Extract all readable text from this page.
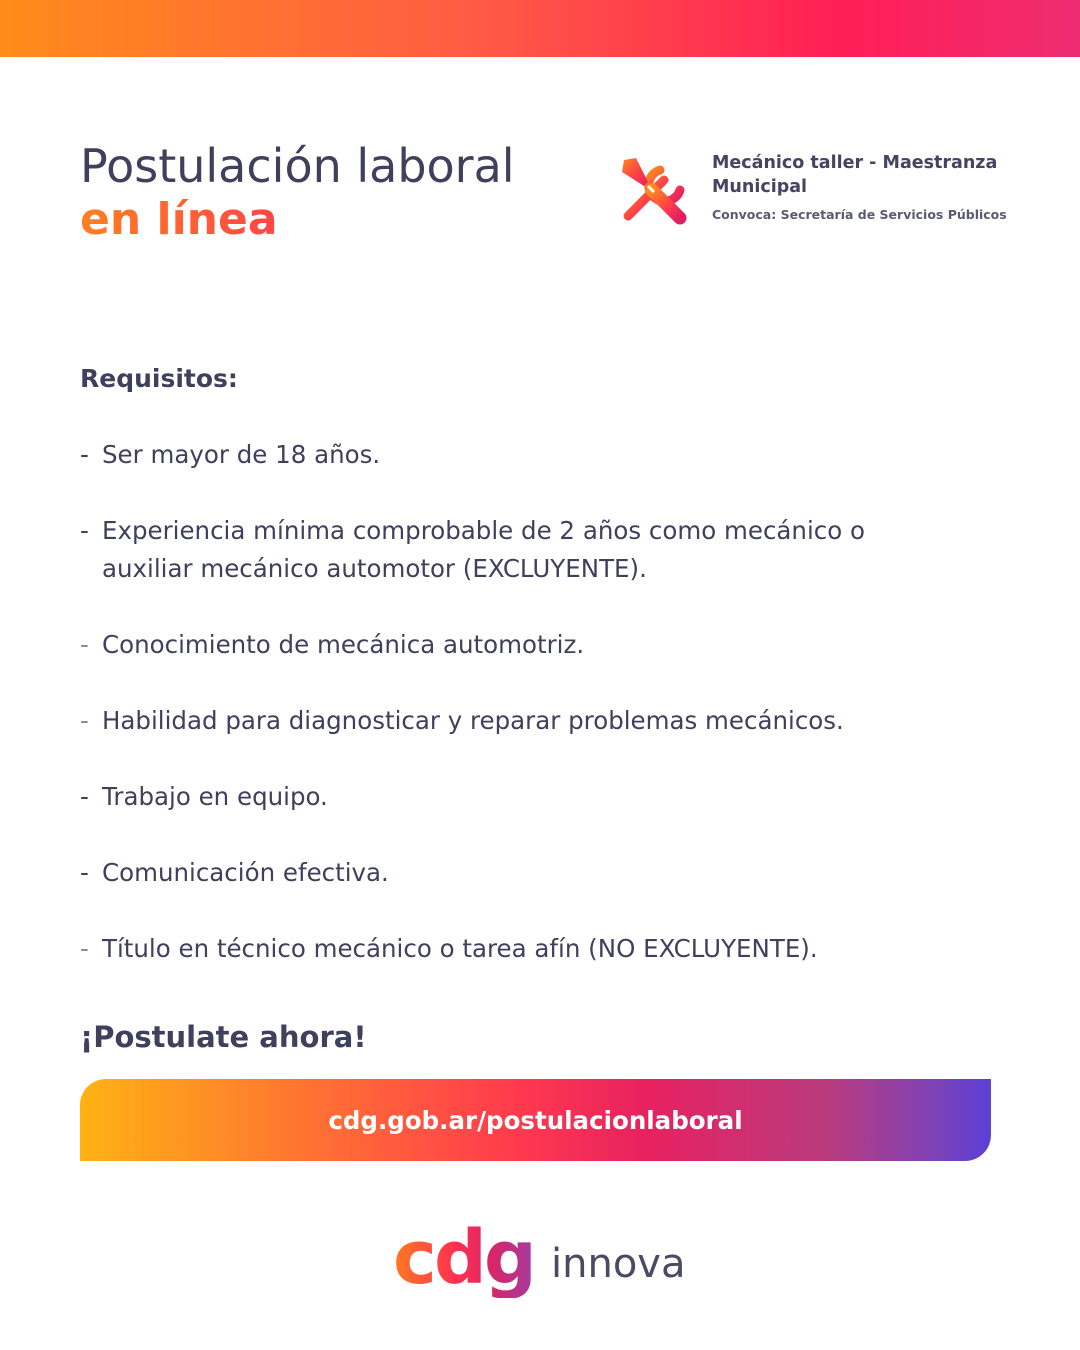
Postulación laboral
en línea
Mecánico taller - Maestranza Municipal
Convoca: Secretaría de Servicios Públicos
Requisitos:
- Ser mayor de 18 años.
- Experiencia mínima comprobable de 2 años como mecánico o auxiliar mecánico automotor (EXCLUYENTE).
- Conocimiento de mecánica automotriz.
- Habilidad para diagnosticar y reparar problemas mecánicos.
- Trabajo en equipo.
- Comunicación efectiva.
- Título en técnico mecánico o tarea afín (NO EXCLUYENTE).
¡Postulate ahora!
cdg.gob.ar/postulacionlaboral
cdg innova
